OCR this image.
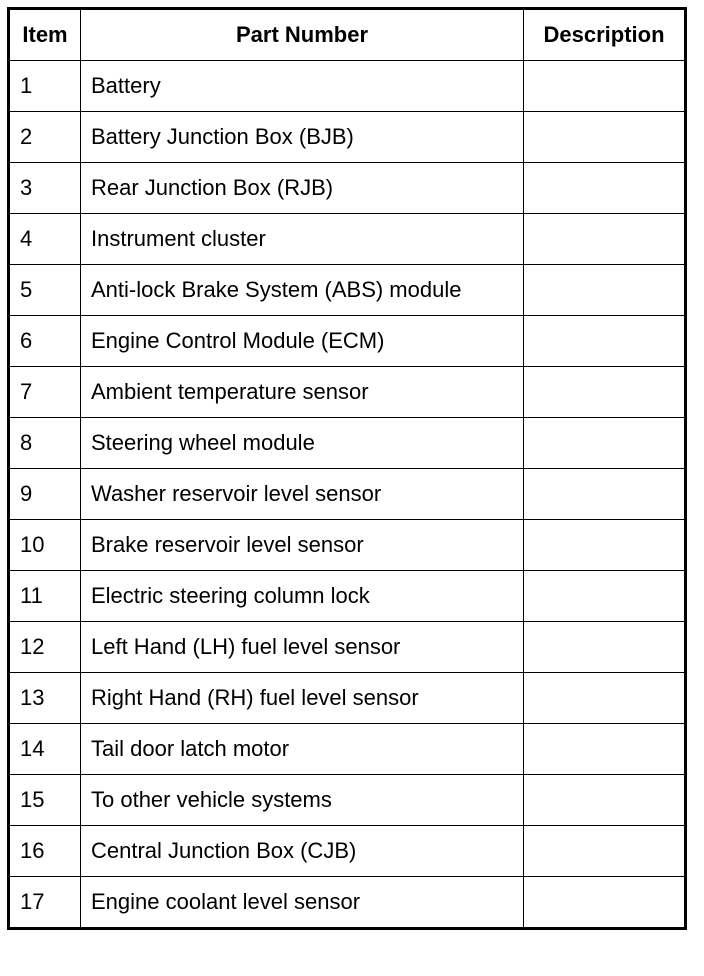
Item	Part Number	Description
1	Battery	
2	Battery Junction Box (BJB)	
3	Rear Junction Box (RJB)	
4	Instrument cluster	
5	Anti-lock Brake System (ABS) module	
6	Engine Control Module (ECM)	
7	Ambient temperature sensor	
8	Steering wheel module	
9	Washer reservoir level sensor	
10	Brake reservoir level sensor	
11	Electric steering column lock	
12	Left Hand (LH) fuel level sensor	
13	Right Hand (RH) fuel level sensor	
14	Tail door latch motor	
15	To other vehicle systems	
16	Central Junction Box (CJB)	
17	Engine coolant level sensor	
